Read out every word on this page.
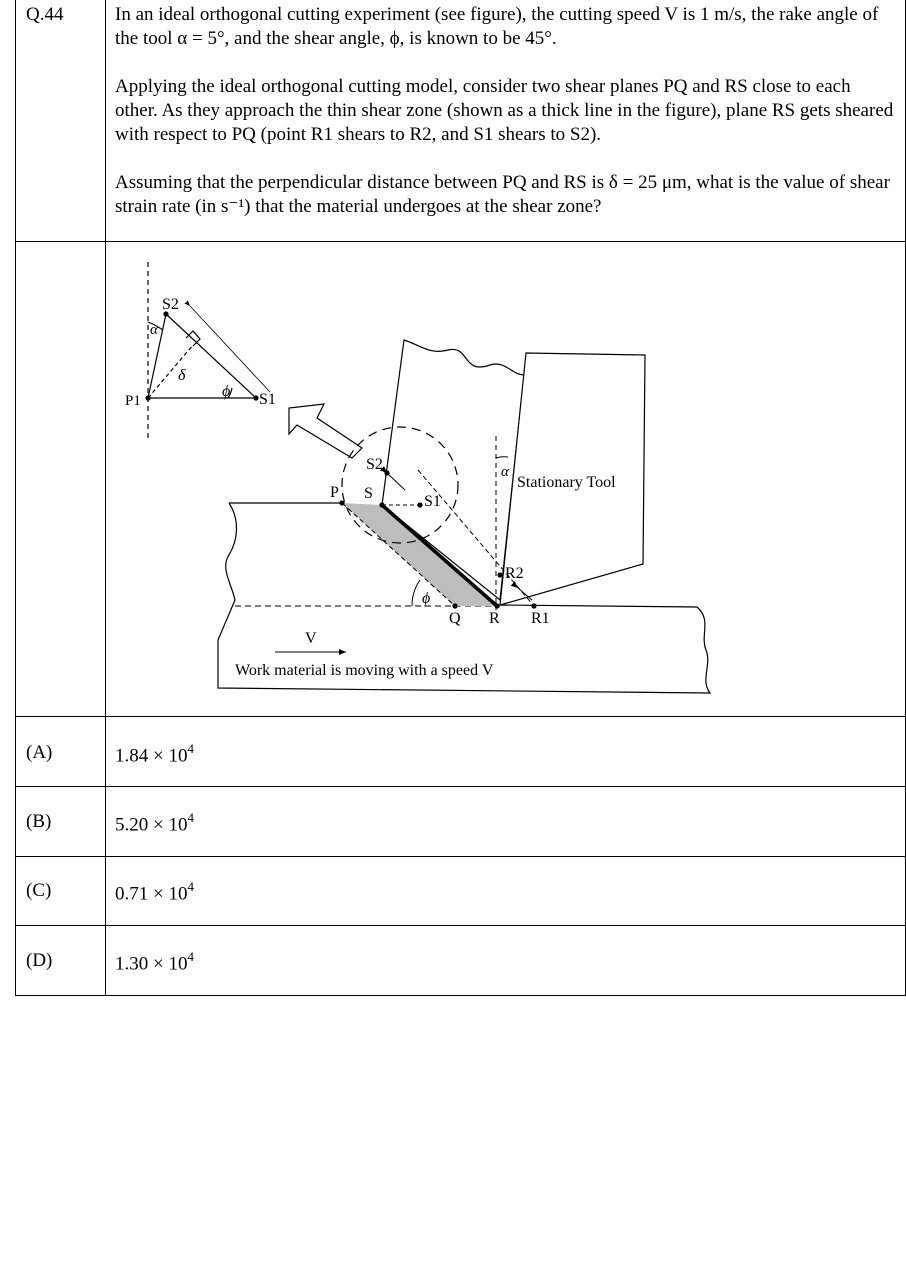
Q.44	In an ideal orthogonal cutting experiment (see figure), the cutting speed V is 1 m/s, the rake angle of the tool α = 5°, and the shear angle, ϕ, is known to be 45°.

Applying the ideal orthogonal cutting model, consider two shear planes PQ and RS close to each other. As they approach the thin shear zone (shown as a thick line in the figure), plane RS gets sheared with respect to PQ (point R1 shears to R2, and S1 shears to S2).

Assuming that the perpendicular distance between PQ and RS is δ = 25 μm, what is the value of shear strain rate (in s⁻¹) that the material undergoes at the shear zone?

S2
α
δ
ϕ
P1	S1
S2
P S	S1
α
Stationary Tool
R2
ϕ
Q R R1
V
Work material is moving with a speed V
(A)	$1.84 \times 10^4$
(B)	$5.20 \times 10^4$
(C)	$0.71 \times 10^4$
(D)	$1.30 \times 10^4$
